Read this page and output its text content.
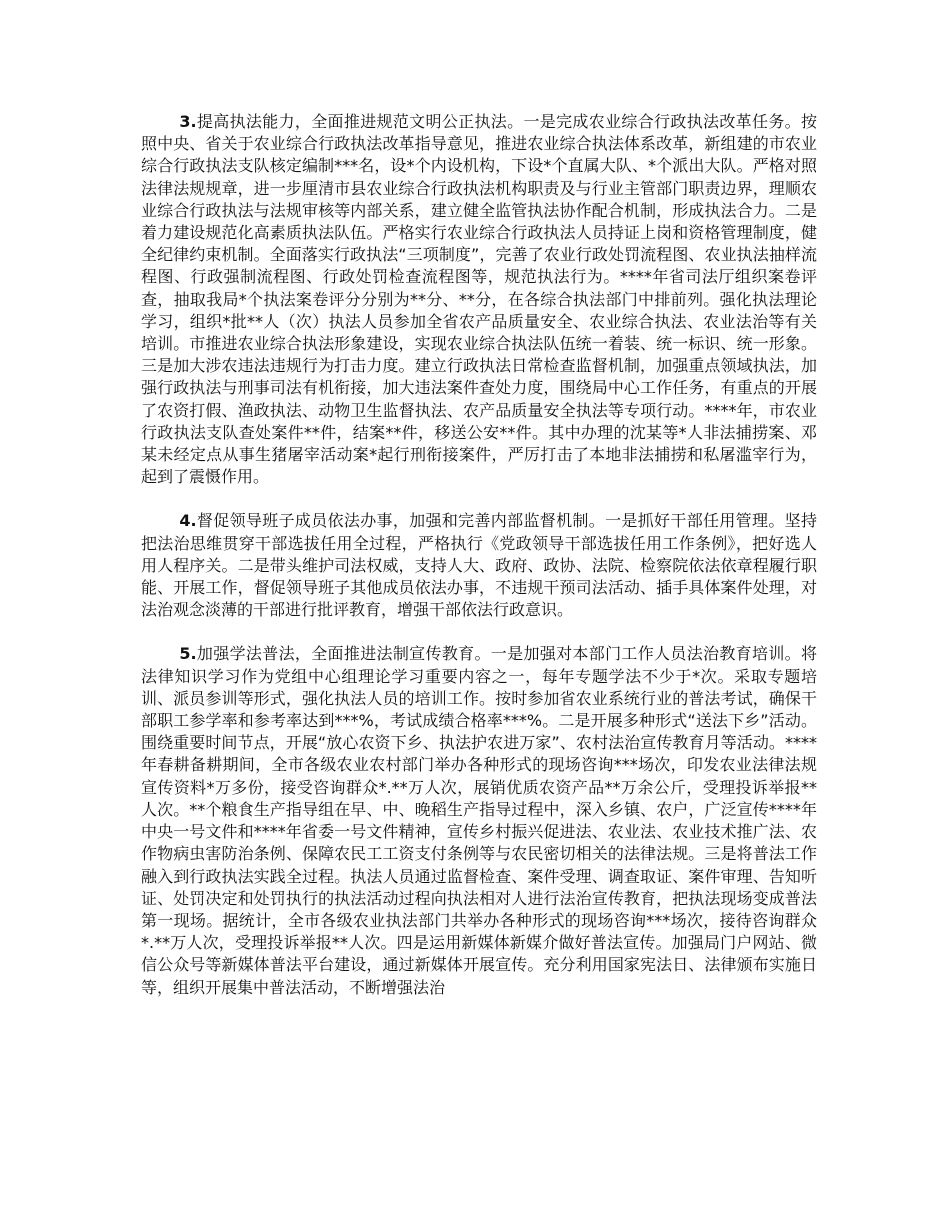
3.提高执法能力，全面推进规范文明公正执法。一是完成农业综合行政执法改革任务。按照中央、省关于农业综合行政执法改革指导意见，推进农业综合执法体系改革，新组建的市农业综合行政执法支队核定编制***名，设*个内设机构，下设*个直属大队、*个派出大队。严格对照法律法规规章，进一步厘清市县农业综合行政执法机构职责及与行业主管部门职责边界，理顺农业综合行政执法与法规审核等内部关系，建立健全监管执法协作配合机制，形成执法合力。二是着力建设规范化高素质执法队伍。严格实行农业综合行政执法人员持证上岗和资格管理制度，健全纪律约束机制。全面落实行政执法“三项制度”，完善了农业行政处罚流程图、农业执法抽样流程图、行政强制流程图、行政处罚检查流程图等，规范执法行为。****年省司法厅组织案卷评查，抽取我局*个执法案卷评分分别为**分、**分，在各综合执法部门中排前列。强化执法理论学习，组织*批**人（次）执法人员参加全省农产品质量安全、农业综合执法、农业法治等有关培训。市推进农业综合执法形象建设，实现农业综合执法队伍统一着装、统一标识、统一形象。三是加大涉农违法违规行为打击力度。建立行政执法日常检查监督机制，加强重点领域执法，加强行政执法与刑事司法有机衔接，加大违法案件查处力度，围绕局中心工作任务，有重点的开展了农资打假、渔政执法、动物卫生监督执法、农产品质量安全执法等专项行动。****年，市农业行政执法支队查处案件**件，结案**件，移送公安**件。其中办理的沈某等*人非法捕捞案、邓某未经定点从事生猪屠宰活动案*起行刑衔接案件，严厉打击了本地非法捕捞和私屠滥宰行为，起到了震慑作用。

4.督促领导班子成员依法办事，加强和完善内部监督机制。一是抓好干部任用管理。坚持把法治思维贯穿干部选拔任用全过程，严格执行《党政领导干部选拔任用工作条例》，把好选人用人程序关。二是带头维护司法权威，支持人大、政府、政协、法院、检察院依法依章程履行职能、开展工作，督促领导班子其他成员依法办事，不违规干预司法活动、插手具体案件处理，对法治观念淡薄的干部进行批评教育，增强干部依法行政意识。

5.加强学法普法，全面推进法制宣传教育。一是加强对本部门工作人员法治教育培训。将法律知识学习作为党组中心组理论学习重要内容之一，每年专题学法不少于*次。采取专题培训、派员参训等形式，强化执法人员的培训工作。按时参加省农业系统行业的普法考试，确保干部职工参学率和参考率达到***%，考试成绩合格率***%。二是开展多种形式“送法下乡”活动。围绕重要时间节点，开展“放心农资下乡、执法护农进万家”、农村法治宣传教育月等活动。****年春耕备耕期间，全市各级农业农村部门举办各种形式的现场咨询***场次，印发农业法律法规宣传资料*万多份，接受咨询群众*.**万人次，展销优质农资产品**万余公斤，受理投诉举报**人次。**个粮食生产指导组在早、中、晚稻生产指导过程中，深入乡镇、农户，广泛宣传****年中央一号文件和****年省委一号文件精神，宣传乡村振兴促进法、农业法、农业技术推广法、农作物病虫害防治条例、保障农民工工资支付条例等与农民密切相关的法律法规。三是将普法工作融入到行政执法实践全过程。执法人员通过监督检查、案件受理、调查取证、案件审理、告知听证、处罚决定和处罚执行的执法活动过程向执法相对人进行法治宣传教育，把执法现场变成普法第一现场。据统计，全市各级农业执法部门共举办各种形式的现场咨询***场次，接待咨询群众*.**万人次，受理投诉举报**人次。四是运用新媒体新媒介做好普法宣传。加强局门户网站、微信公众号等新媒体普法平台建设，通过新媒体开展宣传。充分利用国家宪法日、法律颁布实施日等，组织开展集中普法活动，不断增强法治
